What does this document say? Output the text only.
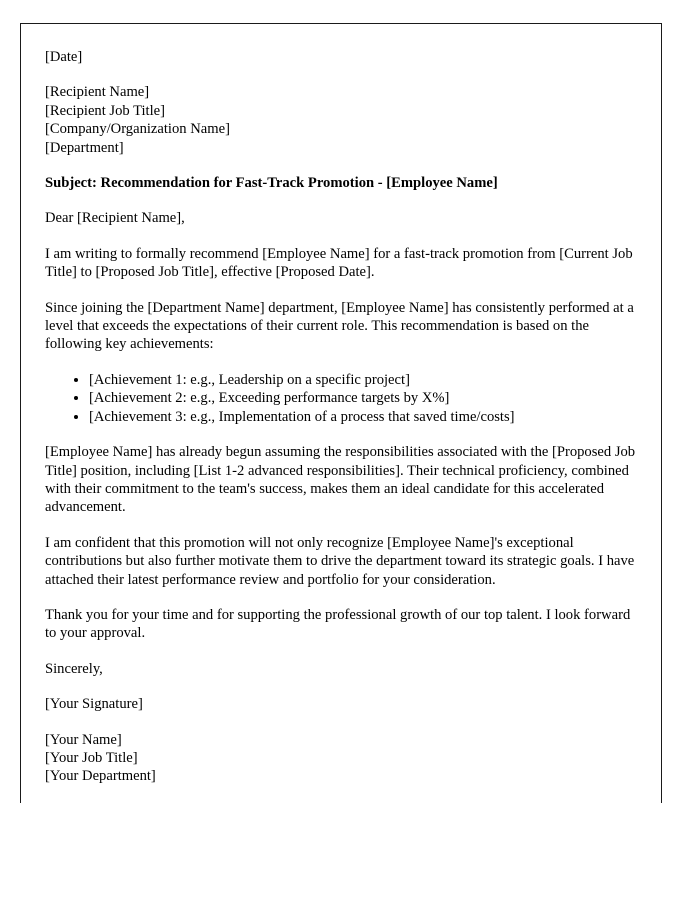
[Date]

[Recipient Name]
[Recipient Job Title]
[Company/Organization Name]
[Department]

Subject: Recommendation for Fast-Track Promotion - [Employee Name]

Dear [Recipient Name],

I am writing to formally recommend [Employee Name] for a fast-track promotion from [Current Job Title] to [Proposed Job Title], effective [Proposed Date].

Since joining the [Department Name] department, [Employee Name] has consistently performed at a level that exceeds the expectations of their current role. This recommendation is based on the following key achievements:

• [Achievement 1: e.g., Leadership on a specific project]
• [Achievement 2: e.g., Exceeding performance targets by X%]
• [Achievement 3: e.g., Implementation of a process that saved time/costs]

[Employee Name] has already begun assuming the responsibilities associated with the [Proposed Job Title] position, including [List 1-2 advanced responsibilities]. Their technical proficiency, combined with their commitment to the team's success, makes them an ideal candidate for this accelerated advancement.

I am confident that this promotion will not only recognize [Employee Name]'s exceptional contributions but also further motivate them to drive the department toward its strategic goals. I have attached their latest performance review and portfolio for your consideration.

Thank you for your time and for supporting the professional growth of our top talent. I look forward to your approval.

Sincerely,

[Your Signature]

[Your Name]
[Your Job Title]
[Your Department]
